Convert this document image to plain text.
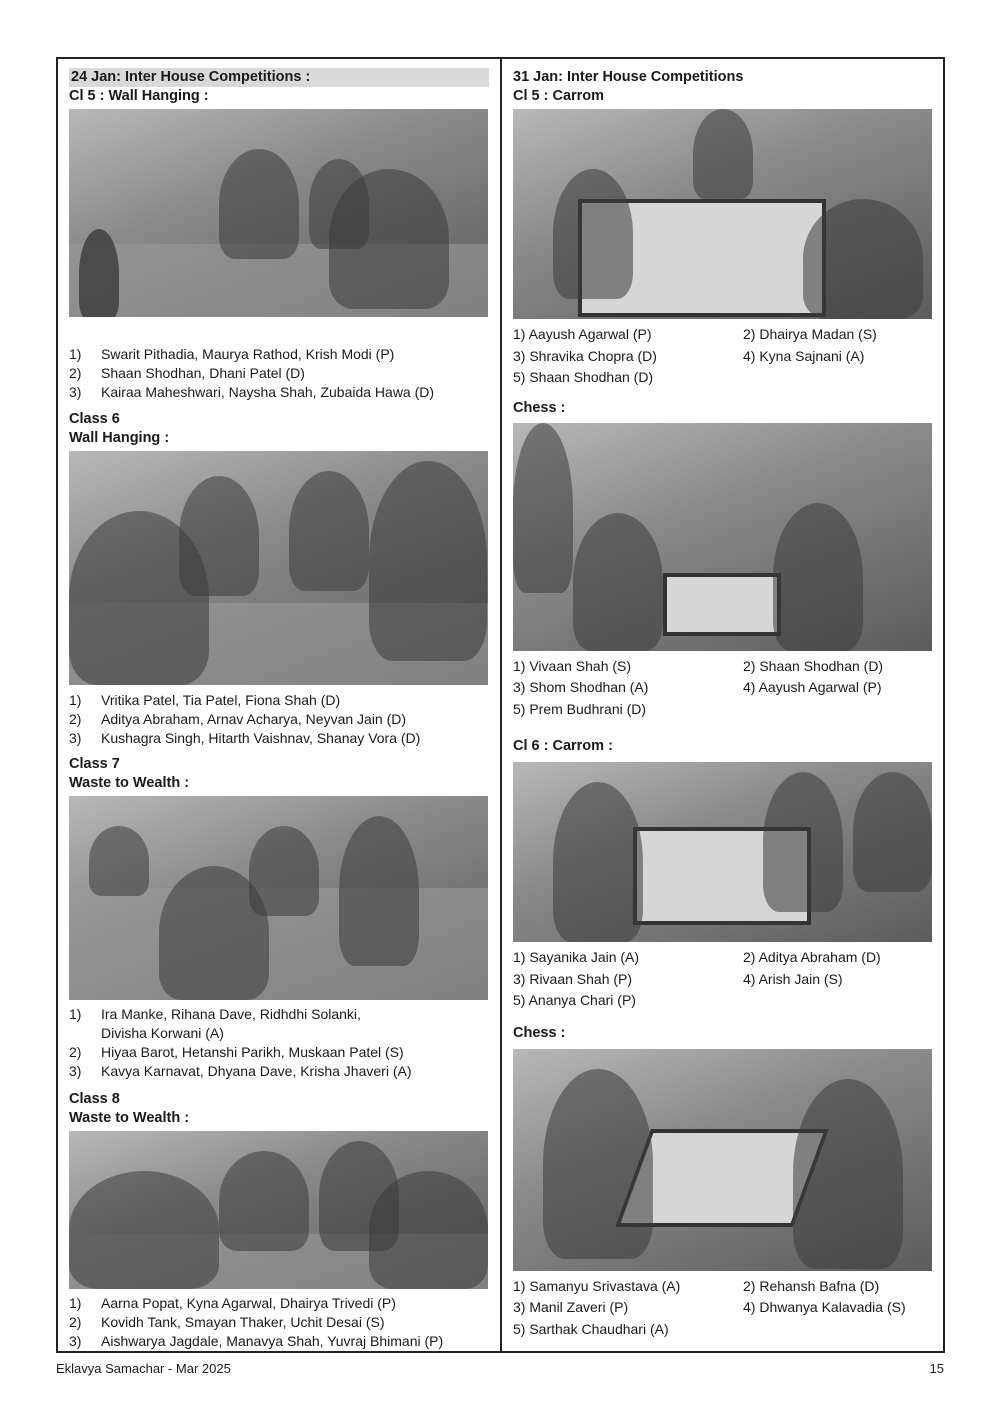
24 Jan: Inter House Competitions :
Cl 5 : Wall Hanging :
1) Swarit Pithadia, Maurya Rathod, Krish Modi (P)
2) Shaan Shodhan, Dhani Patel (D)
3) Kairaa Maheshwari, Naysha Shah, Zubaida Hawa (D)
Class 6
Wall Hanging :
1) Vritika Patel, Tia Patel, Fiona Shah (D)
2) Aditya Abraham, Arnav Acharya, Neyvan Jain (D)
3) Kushagra Singh, Hitarth Vaishnav, Shanay Vora (D)
Class 7
Waste to Wealth :
1) Ira Manke, Rihana Dave, Ridhdhi Solanki, Divisha Korwani (A)
2) Hiyaa Barot, Hetanshi Parikh, Muskaan Patel (S)
3) Kavya Karnavat, Dhyana Dave, Krisha Jhaveri (A)
Class 8
Waste to Wealth :
1) Aarna Popat, Kyna Agarwal, Dhairya Trivedi (P)
2) Kovidh Tank, Smayan Thaker, Uchit Desai (S)
3) Aishwarya Jagdale, Manavya Shah, Yuvraj Bhimani (P)
31 Jan: Inter House Competitions
Cl 5 : Carrom
1) Aayush Agarwal (P)	2) Dhairya Madan (S)
3) Shravika Chopra (D)	4) Kyna Sajnani (A)
5) Shaan Shodhan (D)
Chess :
1) Vivaan Shah (S)	2) Shaan Shodhan (D)
3) Shom Shodhan (A)	4) Aayush Agarwal (P)
5) Prem Budhrani (D)
Cl 6 : Carrom :
1) Sayanika Jain (A)	2) Aditya Abraham (D)
3) Rivaan Shah (P)	4) Arish Jain (S)
5) Ananya Chari (P)
Chess :
1) Samanyu Srivastava (A)	2) Rehansh Bafna (D)
3) Manil Zaveri (P)	4) Dhwanya Kalavadia (S)
5) Sarthak Chaudhari (A)
Eklavya Samachar - Mar 2025	15
